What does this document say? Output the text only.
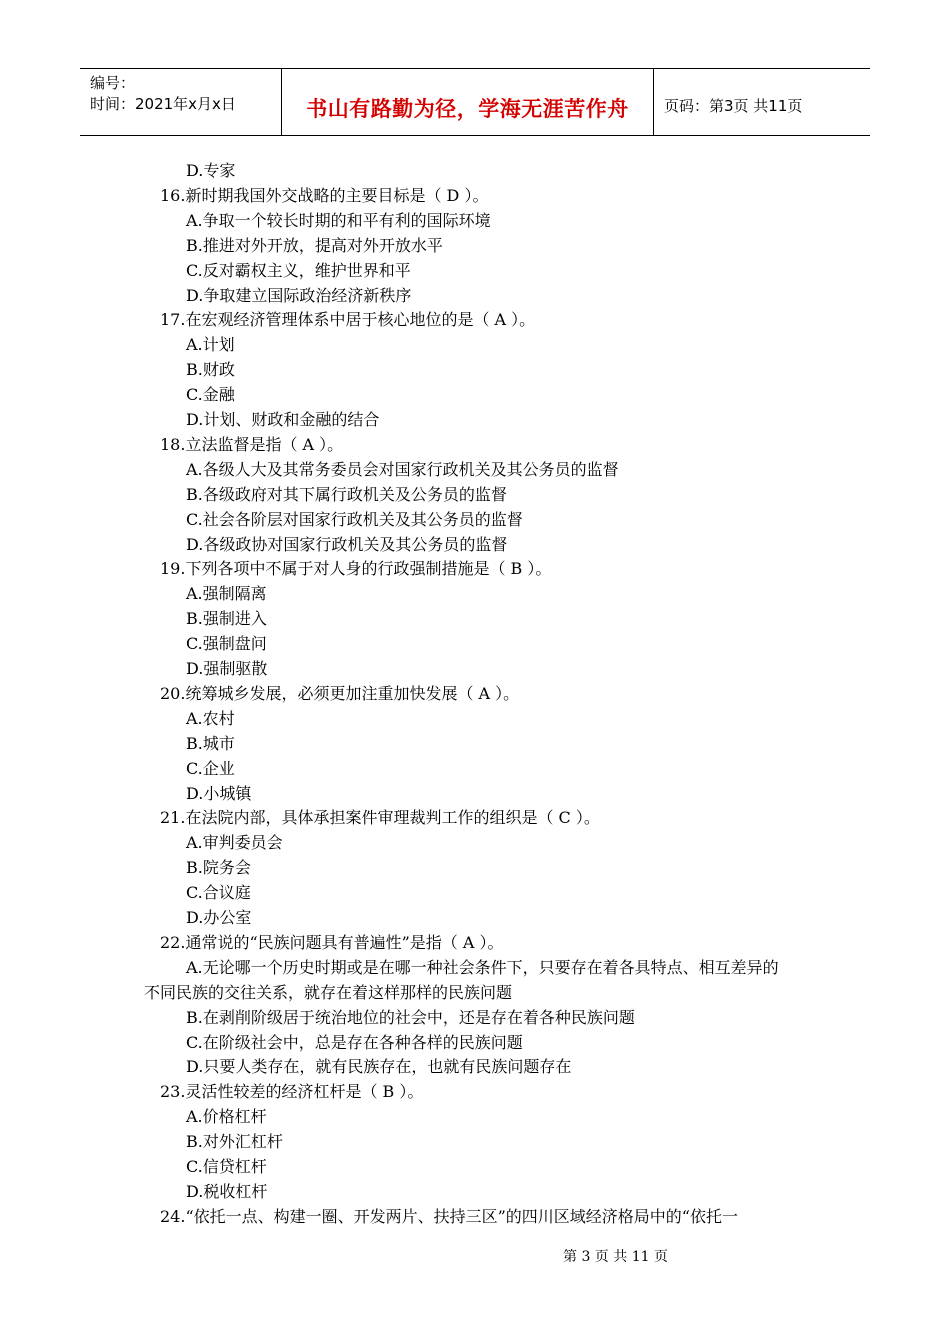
编号：
时间：2021年x月x日	书山有路勤为径，学海无涯苦作舟	页码：第3页 共11页
D.专家
16.新时期我国外交战略的主要目标是（ D ）。
A.争取一个较长时期的和平有利的国际环境
B.推进对外开放，提高对外开放水平
C.反对霸权主义，维护世界和平
D.争取建立国际政治经济新秩序
17.在宏观经济管理体系中居于核心地位的是（ A ）。
A.计划
B.财政
C.金融
D.计划、财政和金融的结合
18.立法监督是指（ A ）。
A.各级人大及其常务委员会对国家行政机关及其公务员的监督
B.各级政府对其下属行政机关及公务员的监督
C.社会各阶层对国家行政机关及其公务员的监督
D.各级政协对国家行政机关及其公务员的监督
19.下列各项中不属于对人身的行政强制措施是（ B ）。
A.强制隔离
B.强制进入
C.强制盘问
D.强制驱散
20.统筹城乡发展，必须更加注重加快发展（ A ）。
A.农村
B.城市
C.企业
D.小城镇
21.在法院内部，具体承担案件审理裁判工作的组织是（ C ）。
A.审判委员会
B.院务会
C.合议庭
D.办公室
22.通常说的“民族问题具有普遍性”是指（ A ）。
A.无论哪一个历史时期或是在哪一种社会条件下，只要存在着各具特点、相互差异的
不同民族的交往关系，就存在着这样那样的民族问题
B.在剥削阶级居于统治地位的社会中，还是存在着各种民族问题
C.在阶级社会中，总是存在各种各样的民族问题
D.只要人类存在，就有民族存在，也就有民族问题存在
23.灵活性较差的经济杠杆是（ B ）。
A.价格杠杆
B.对外汇杠杆
C.信贷杠杆
D.税收杠杆
24.“依托一点、构建一圈、开发两片、扶持三区”的四川区域经济格局中的“依托一
第 3 页 共 11 页
